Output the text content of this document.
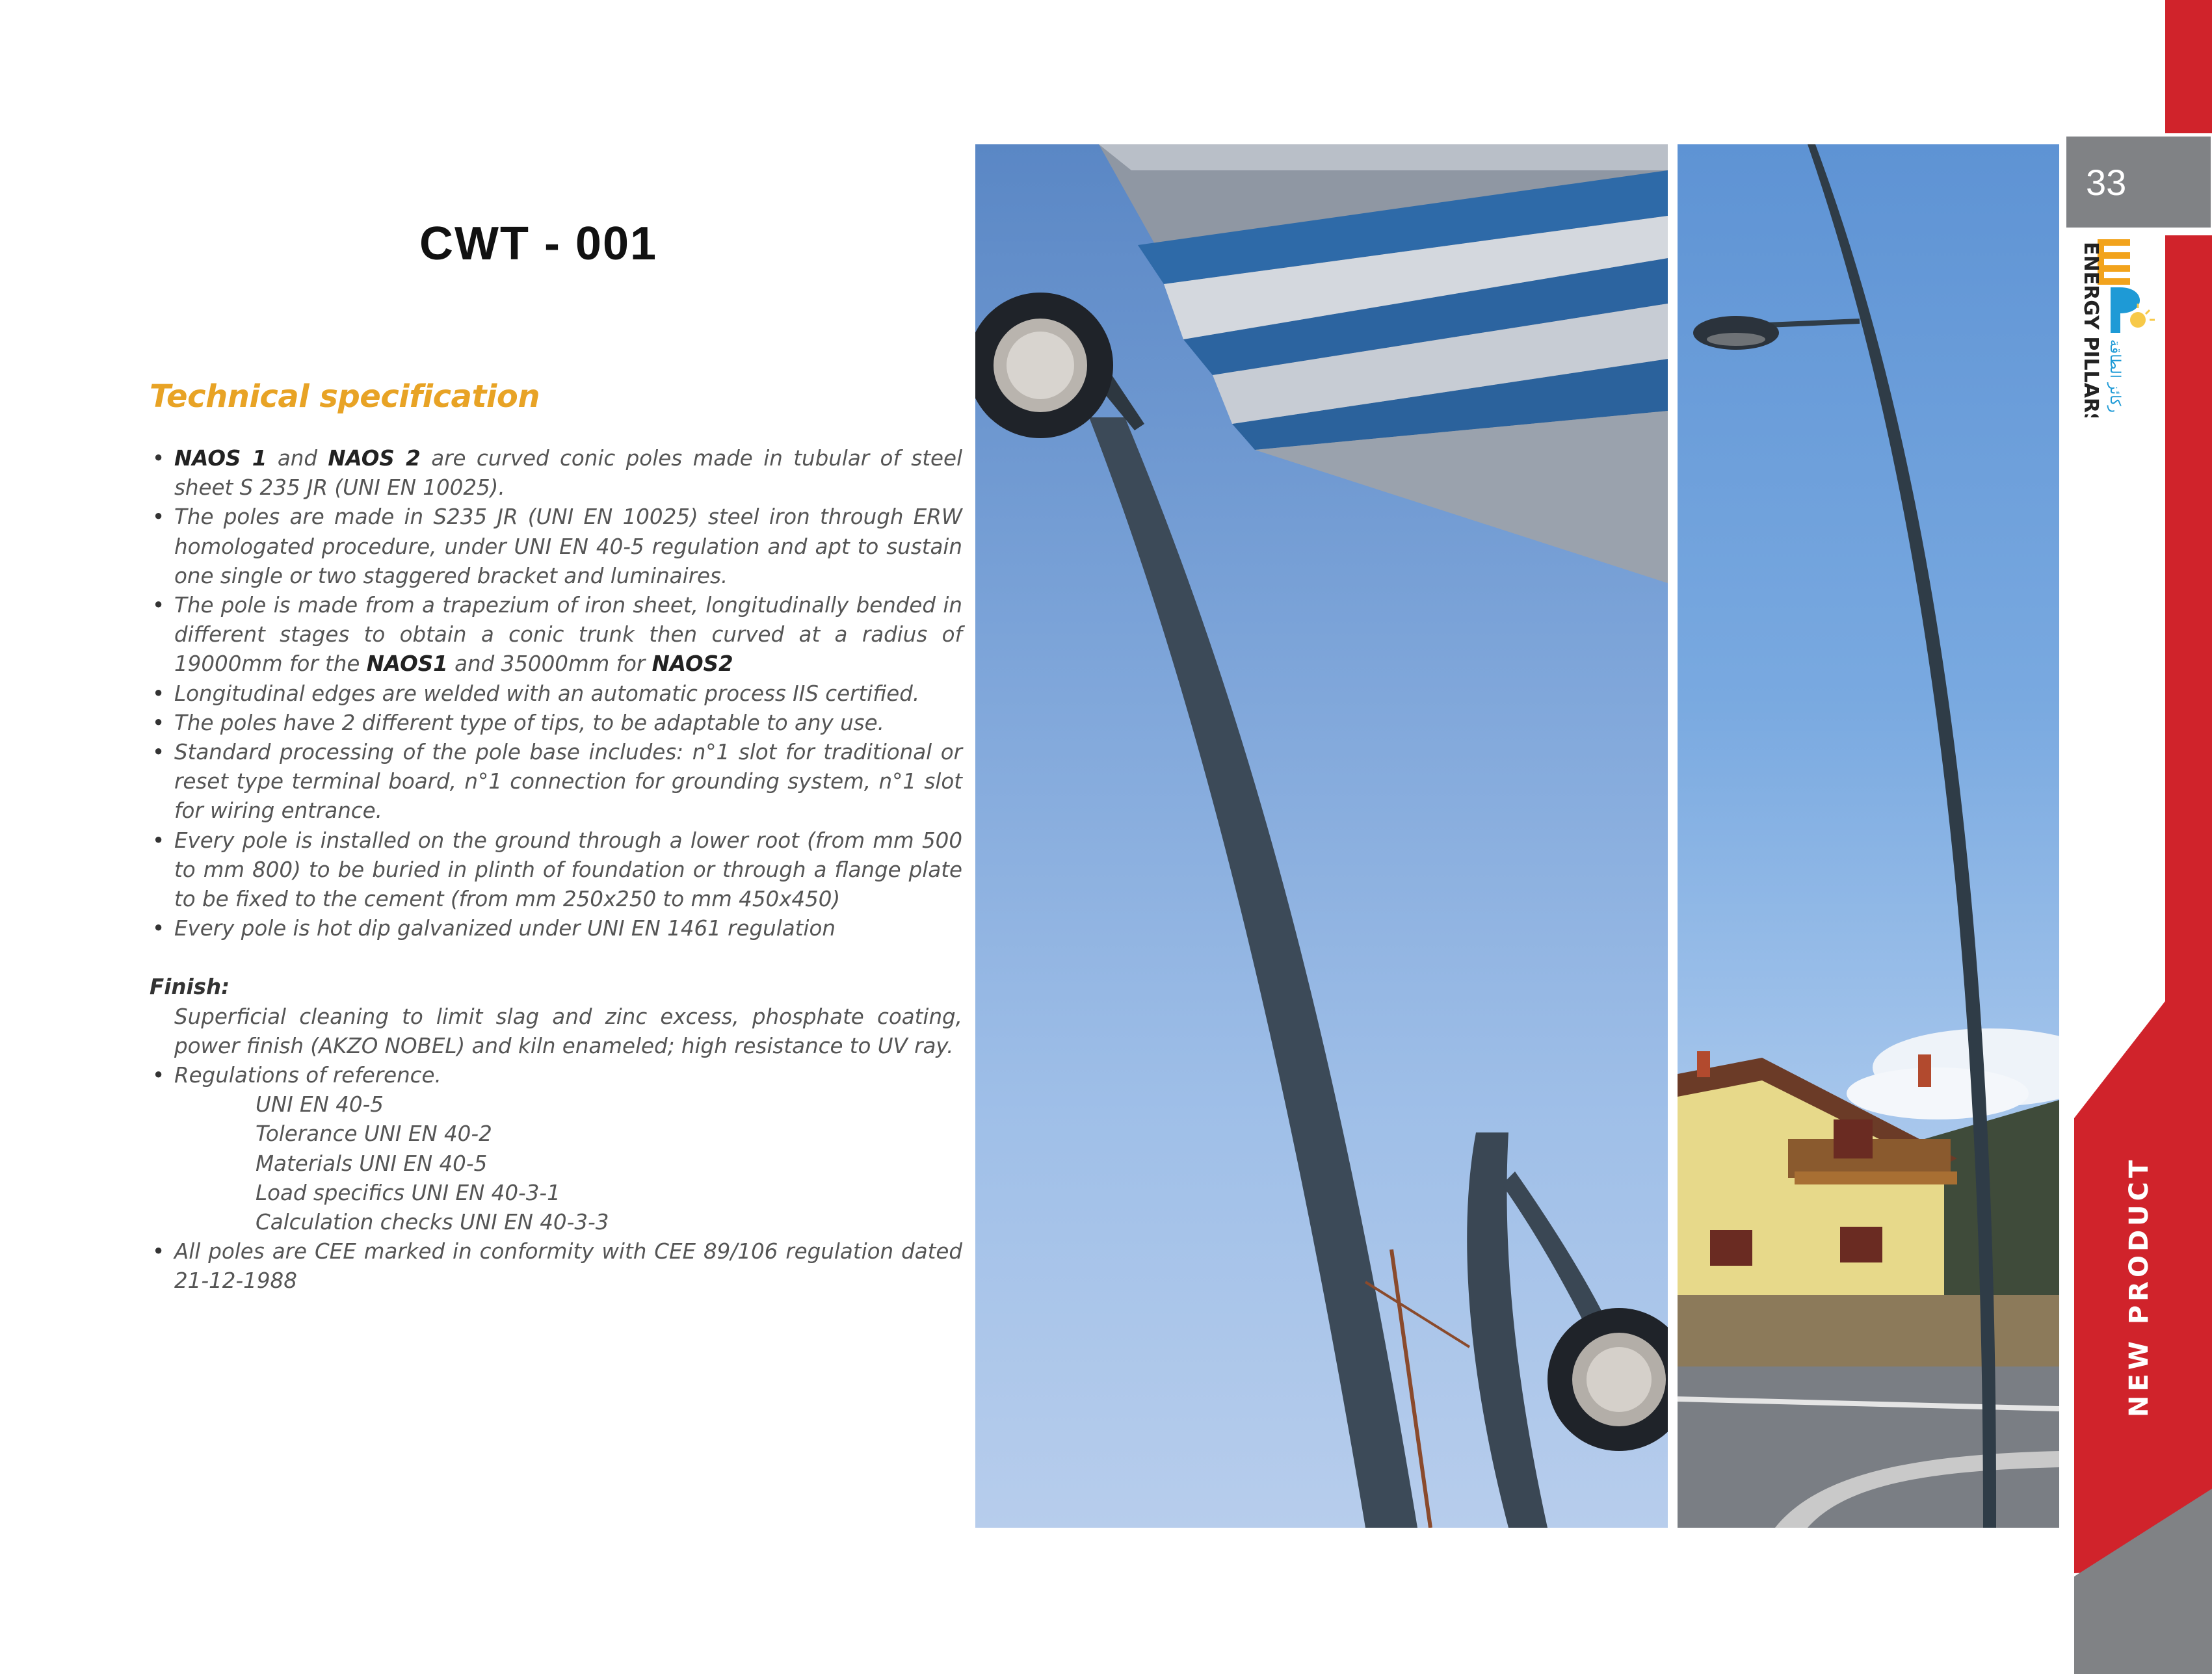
CWT - 001
Technical specification
• NAOS 1 and NAOS 2 are curved conic poles made in tubular of steel sheet S 235 JR (UNI EN 10025).
• The poles are made in S235 JR (UNI EN 10025) steel iron through ERW homologated procedure, under UNI EN 40-5 regulation and apt to sustain one single or two staggered bracket and luminaires.
• The pole is made from a trapezium of iron sheet, longitudinally bended in different stages to obtain a conic trunk then curved at a radius of 19000mm for the NAOS1 and 35000mm for NAOS2
• Longitudinal edges are welded with an automatic process IIS certified.
• The poles have 2 different type of tips, to be adaptable to any use.
• Standard processing of the pole base includes: n°1 slot for traditional or reset type terminal board, n°1 connection for grounding system, n°1 slot for wiring entrance.
• Every pole is installed on the ground through a lower root (from mm 500 to mm 800) to be buried in plinth of foundation or through a flange plate to be fixed to the cement (from mm 250x250 to mm 450x450)
• Every pole is hot dip galvanized under UNI EN 1461 regulation
Finish:
Superficial cleaning to limit slag and zinc excess, phosphate coating, power finish (AKZO NOBEL) and kiln enameled; high resistance to UV ray.
• Regulations of reference.
UNI EN 40-5
Tolerance UNI EN 40-2
Materials UNI EN 40-5
Load specifics UNI EN 40-3-1
Calculation checks UNI EN 40-3-3
• All poles are CEE marked in conformity with CEE 89/106 regulation dated 21-12-1988
33
ENERGY PILLARS ركائز الطاقة
NEW PRODUCT
